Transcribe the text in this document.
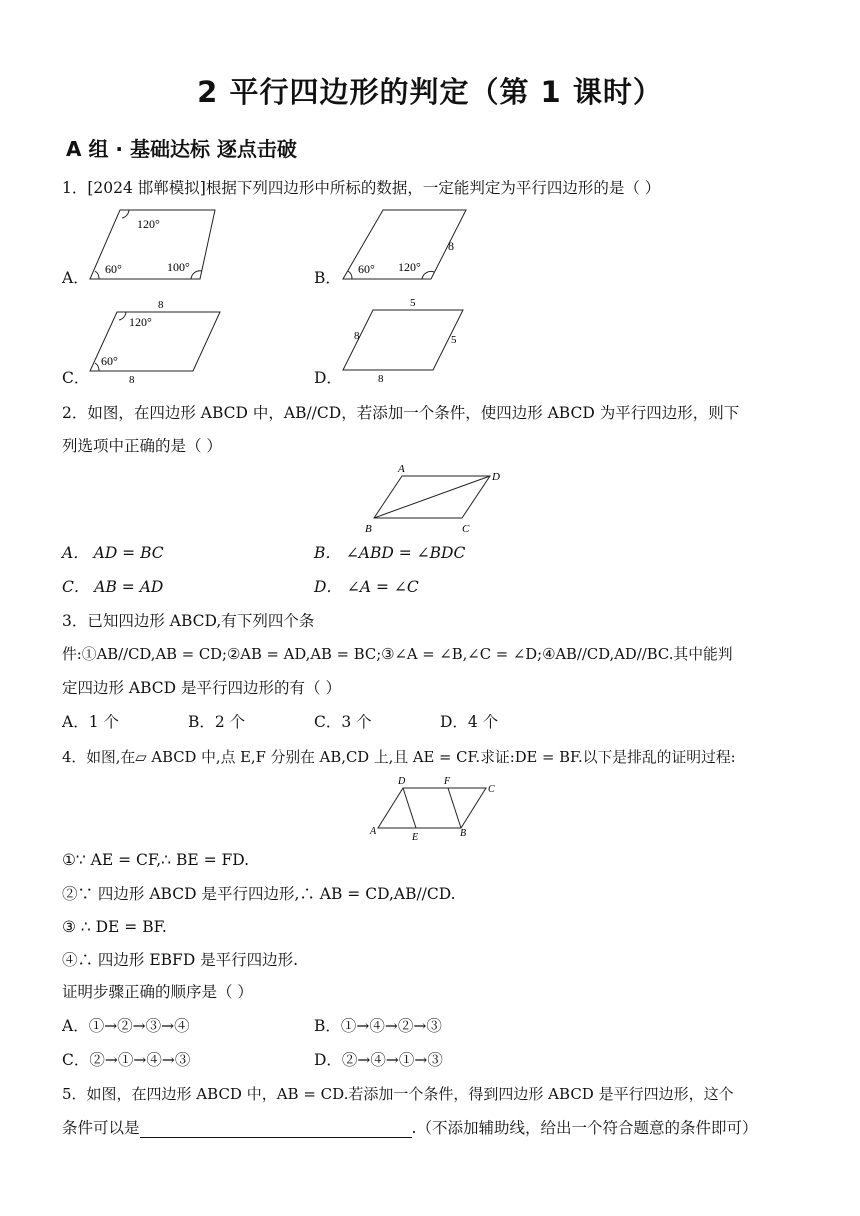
2 平行四边形的判定（第 1 课时）
A 组 · 基础达标 逐点击破
1．[2024 邯郸模拟]根据下列四边形中所标的数据，一定能判定为平行四边形的是（ ）
A．
120°
60°	100°
B．
8
60° 120°
C．
8
8
120°
60°
D．
5
8	5
8
2．如图，在四边形 ABCD 中，AB//CD，若添加一个条件，使四边形 ABCD 为平行四边形，则下
列选项中正确的是（ ）
A
D
B	C
A． AD = BC	B． ∠ABD = ∠BDC
C． AB = AD	D． ∠A = ∠C
3．已知四边形 ABCD,有下列四个条
件:①AB//CD,AB = CD;②AB = AD,AB = BC;③∠A = ∠B,∠C = ∠D;④AB//CD,AD//BC.其中能判
定四边形 ABCD 是平行四边形的有（ ）
A．1 个	B．2 个	C．3 个	D．4 个
4．如图,在▱ ABCD 中,点 E,F 分别在 AB,CD 上,且 AE = CF.求证:DE = BF.以下是排乱的证明过程:
D	F
C
A
E	B
①∵ AE = CF,∴ BE = FD.
②∵ 四边形 ABCD 是平行四边形,∴ AB = CD,AB//CD.
③ ∴ DE = BF.
④∴ 四边形 EBFD 是平行四边形.
证明步骤正确的顺序是（ ）
A．①→②→③→④	B．①→④→②→③
C．②→①→④→③	D．②→④→①→③
5．如图，在四边形 ABCD 中，AB = CD.若添加一个条件，得到四边形 ABCD 是平行四边形，这个
条件可以是	.（不添加辅助线，给出一个符合题意的条件即可）
